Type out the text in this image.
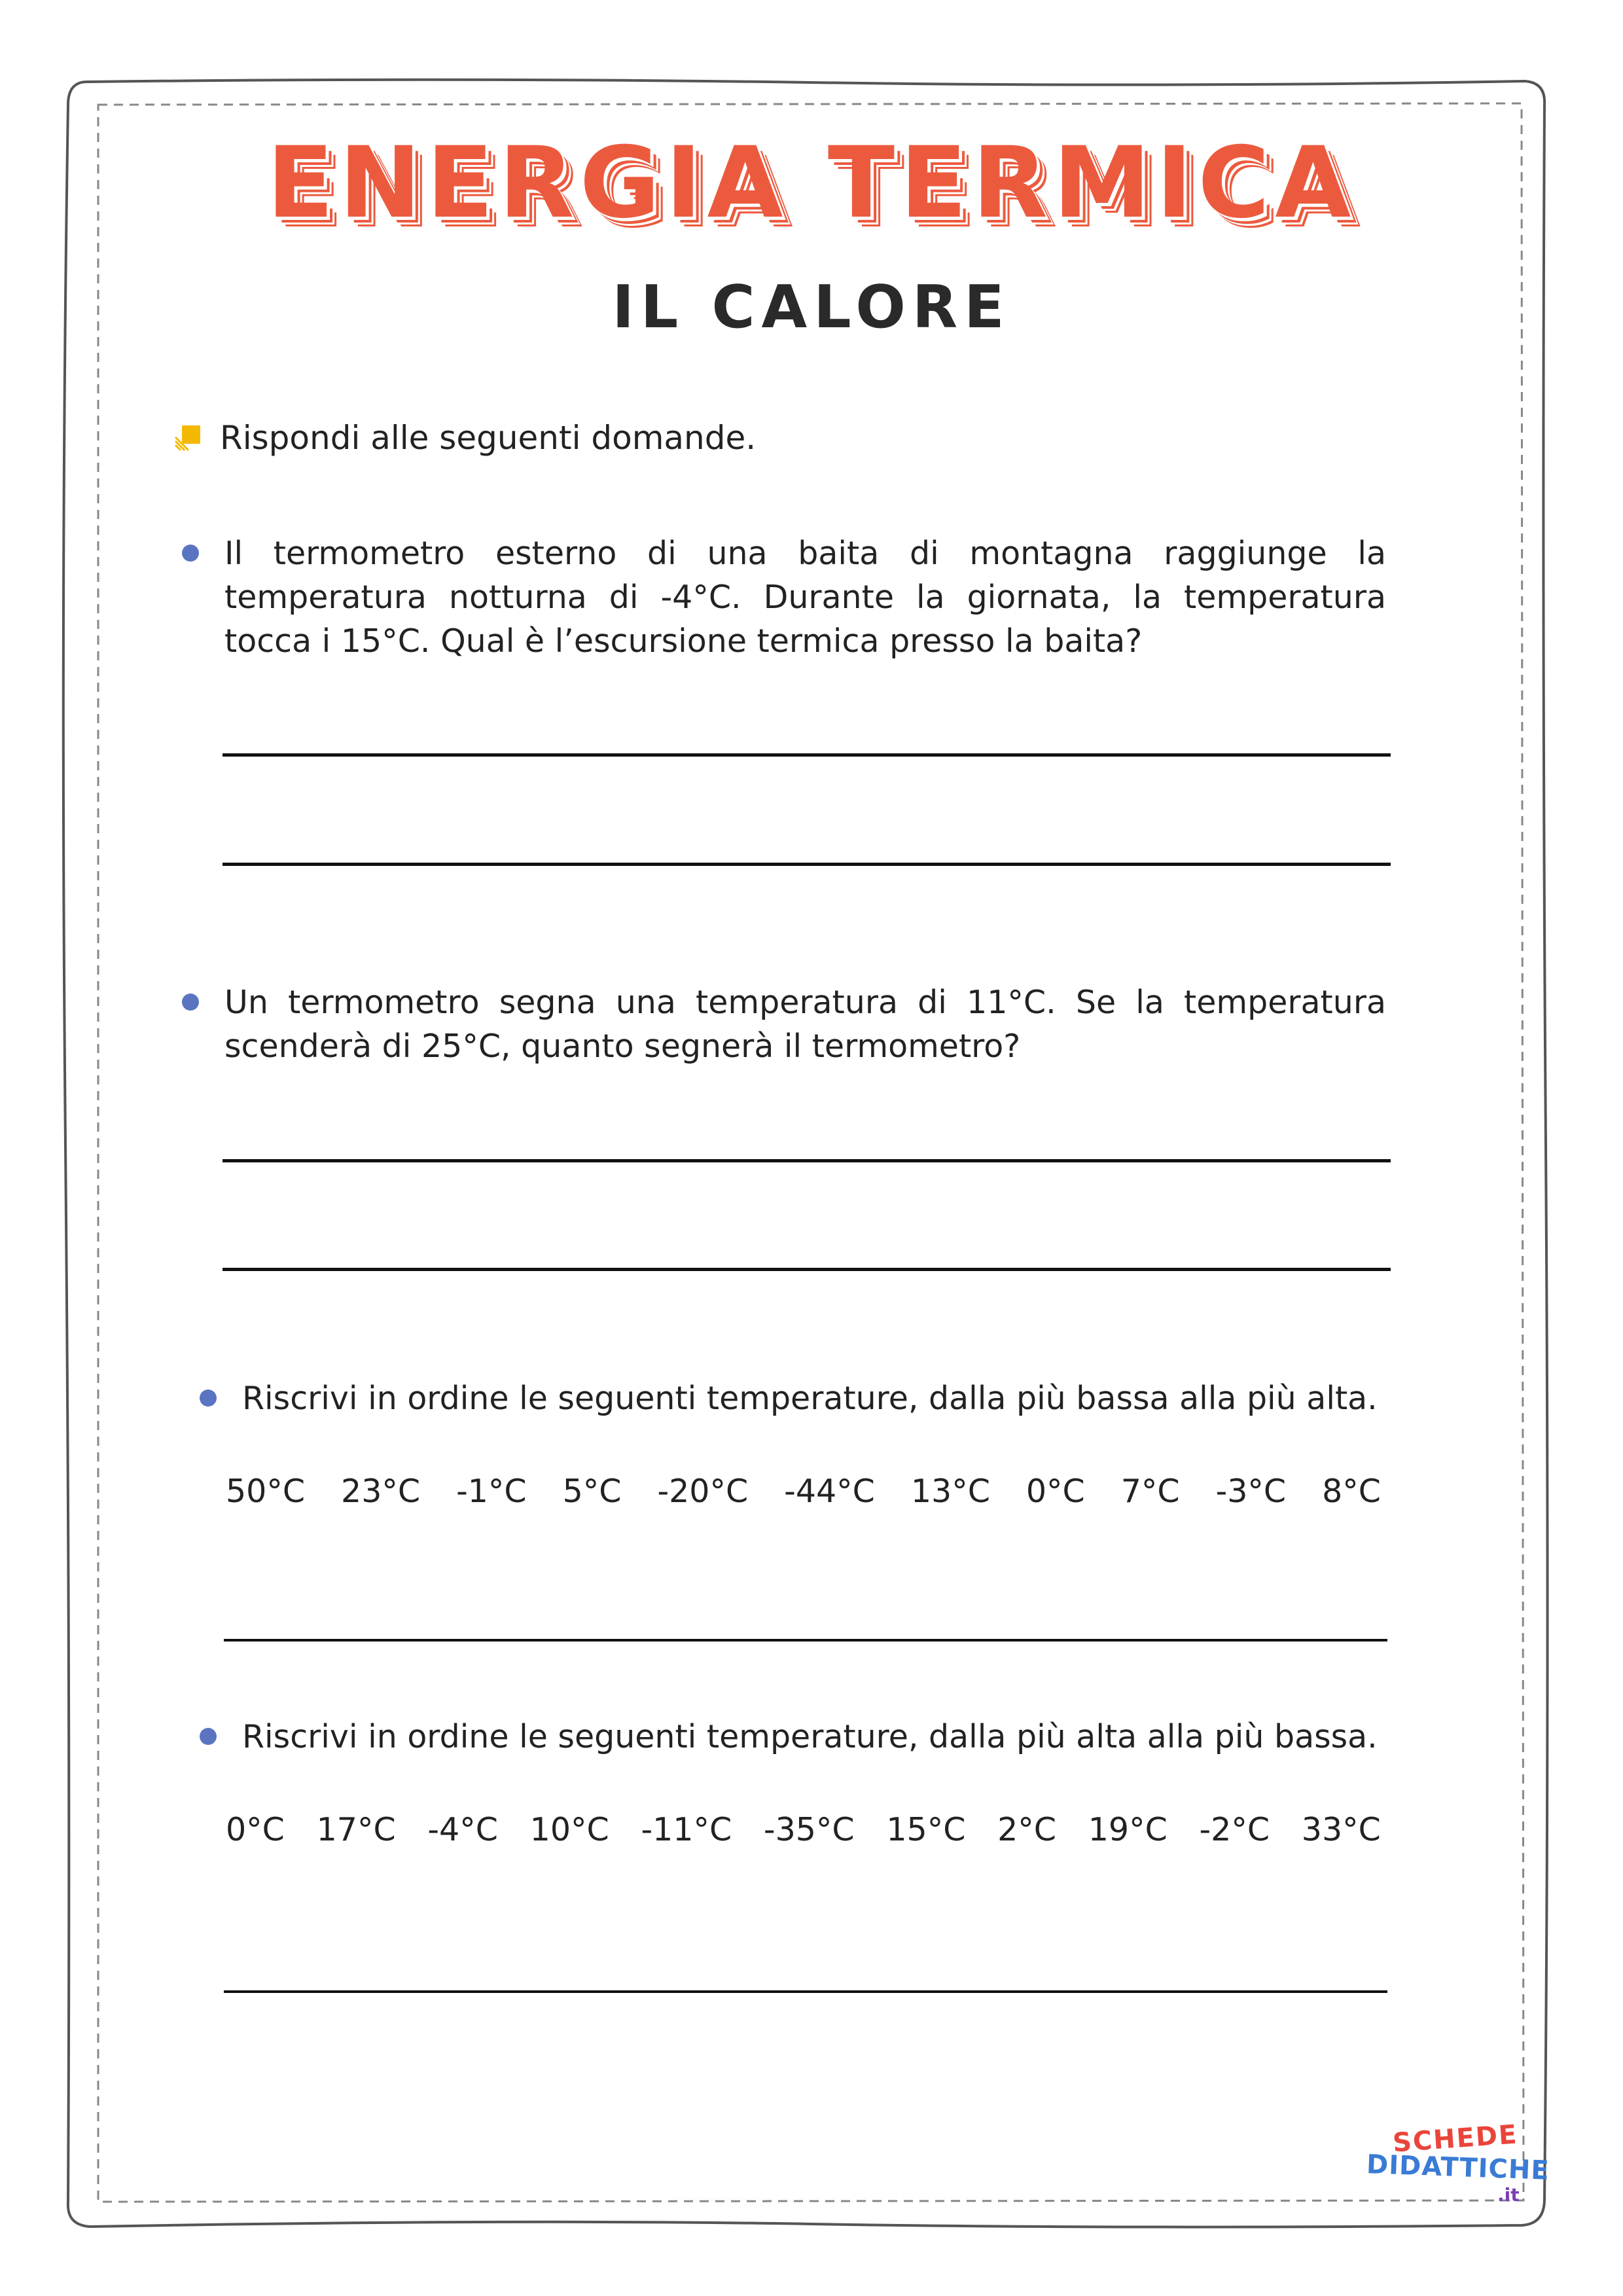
ENERGIA TERMICA
IL CALORE
Rispondi alle seguenti domande.
Il termometro esterno di una baita di montagna raggiunge la temperatura notturna di -4°C. Durante la giornata, la temperatura tocca i 15°C. Qual è l’escursione termica presso la baita?
Un termometro segna una temperatura di 11°C. Se la temperatura scenderà di 25°C, quanto segnerà il termometro?
Riscrivi in ordine le seguenti temperature, dalla più bassa alla più alta.
50°C 23°C -1°C 5°C -20°C -44°C 13°C 0°C 7°C -3°C 8°C
Riscrivi in ordine le seguenti temperature, dalla più alta alla più bassa.
0°C 17°C -4°C 10°C -11°C -35°C 15°C 2°C 19°C -2°C 33°C
SCHEDE
DIDATTICHE
.it
